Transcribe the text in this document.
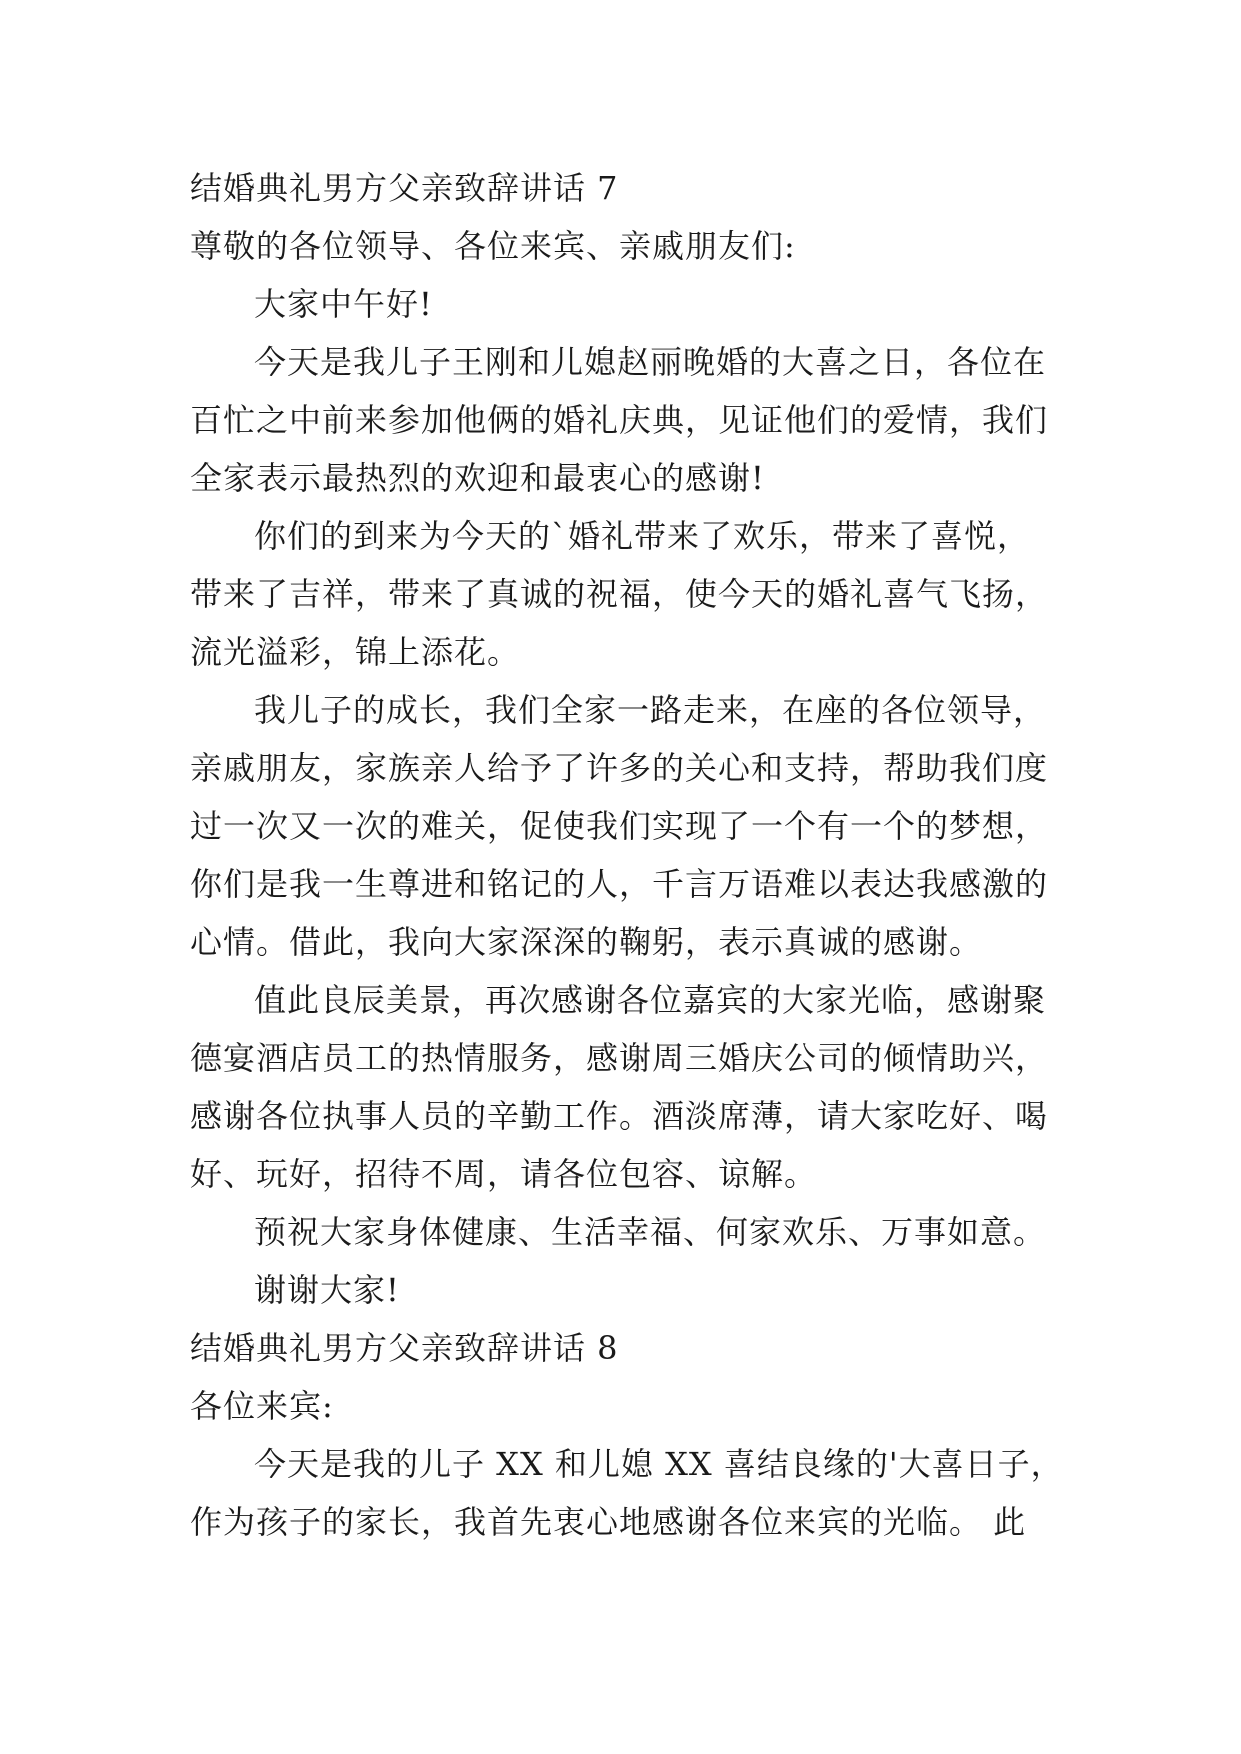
结婚典礼男方父亲致辞讲话 7

尊敬的各位领导、各位来宾、亲戚朋友们:

大家中午好!

今天是我儿子王刚和儿媳赵丽晚婚的大喜之日，各位在

百忙之中前来参加他俩的婚礼庆典，见证他们的爱情，我们

全家表示最热烈的欢迎和最衷心的感谢!

你们的到来为今天的`婚礼带来了欢乐，带来了喜悦，

带来了吉祥，带来了真诚的祝福，使今天的婚礼喜气飞扬，

流光溢彩，锦上添花。

我儿子的成长，我们全家一路走来，在座的各位领导，

亲戚朋友，家族亲人给予了许多的关心和支持，帮助我们度

过一次又一次的难关，促使我们实现了一个有一个的梦想，

你们是我一生尊进和铭记的人，千言万语难以表达我感激的

心情。借此，我向大家深深的鞠躬，表示真诚的感谢。

值此良辰美景，再次感谢各位嘉宾的大家光临，感谢聚

德宴酒店员工的热情服务，感谢周三婚庆公司的倾情助兴，

感谢各位执事人员的辛勤工作。酒淡席薄，请大家吃好、喝

好、玩好，招待不周，请各位包容、谅解。

预祝大家身体健康、生活幸福、何家欢乐、万事如意。

谢谢大家!

结婚典礼男方父亲致辞讲话 8

各位来宾:

今天是我的儿子 XX 和儿媳 XX 喜结良缘的'大喜日子，

作为孩子的家长，我首先衷心地感谢各位来宾的光临。 此
